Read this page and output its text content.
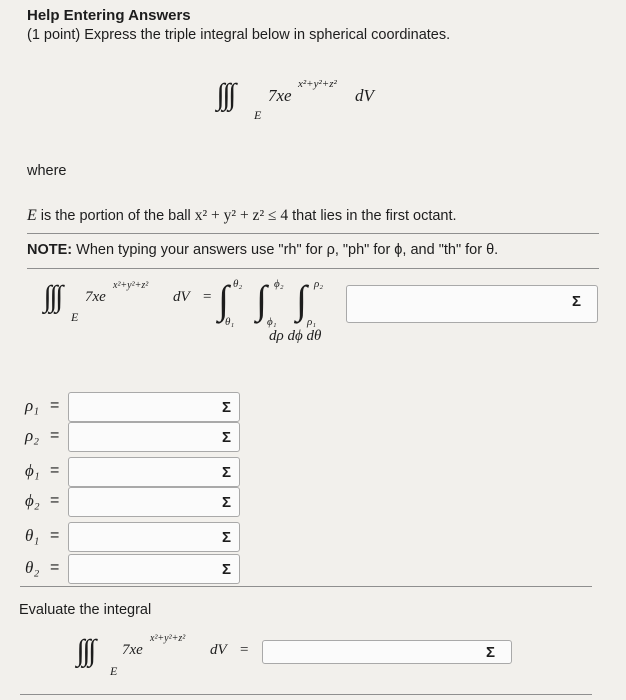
Help Entering Answers
(1 point) Express the triple integral below in spherical coordinates.
E
7xe
x²+y²+z²
dV
where
E is the portion of the ball x² + y² + z² ≤ 4 that lies in the first octant.
NOTE: When typing your answers use "rh" for ρ, "ph" for ϕ, and "th" for θ.
E
7xe
x²+y²+z²
dV = ∫ θ₂
θ₁ ∫ ϕ₂
ϕ₁ ∫ ρ₂
ρ₁
dρ dϕ dθ
Σ
ρ₁ =	Σ
ρ₂ =	Σ
ϕ₁ =	Σ
ϕ₂ =	Σ
θ₁ =	Σ
θ₂ =	Σ
Evaluate the integral
E
7xe
x²+y²+z²
dV =	Σ
